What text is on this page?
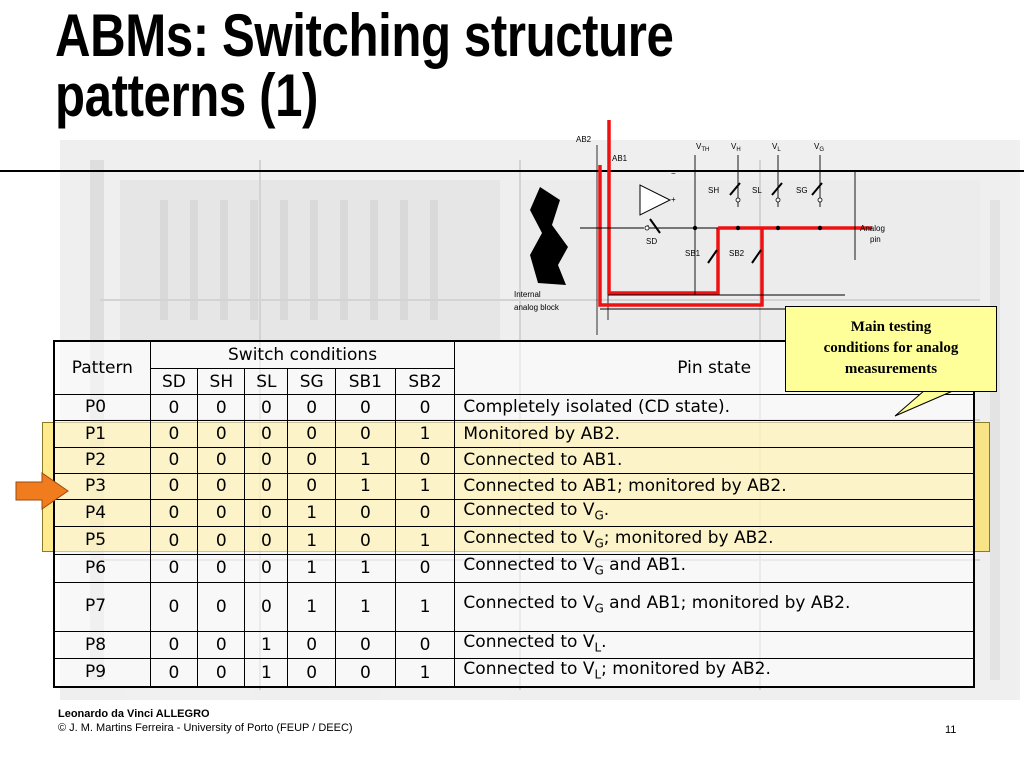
ABMs: Switching structure
patterns (1)
Internal
analog block
AB2
AB1
−
+
$V_{TH}$	$V_H$	$V_L$	$V_G$
SH	SL	SG
SD
SB1	SB2
Analog
pin
Pattern	Switch conditions						Pin state
	SD	SH	SL	SG	SB1	SB2	
P0	0	0	0	0	0	0	Completely isolated (CD state).
P1	0	0	0	0	0	1	Monitored by AB2.
P2	0	0	0	0	1	0	Connected to AB1.
P3	0	0	0	0	1	1	Connected to AB1; monitored by AB2.
P4	0	0	0	1	0	0	Connected to $V_G$.
P5	0	0	0	1	0	1	Connected to $V_G$; monitored by AB2.
P6	0	0	0	1	1	0	Connected to $V_G$ and AB1.
P7	0	0	0	1	1	1	Connected to $V_G$ and AB1; monitored by AB2.
P8	0	0	1	0	0	0	Connected to $V_L$.
P9	0	0	1	0	0	1	Connected to $V_L$; monitored by AB2.
Main testing
conditions for analog
measurements
Leonardo da Vinci ALLEGRO
© J. M. Martins Ferreira - University of Porto (FEUP / DEEC)	11
